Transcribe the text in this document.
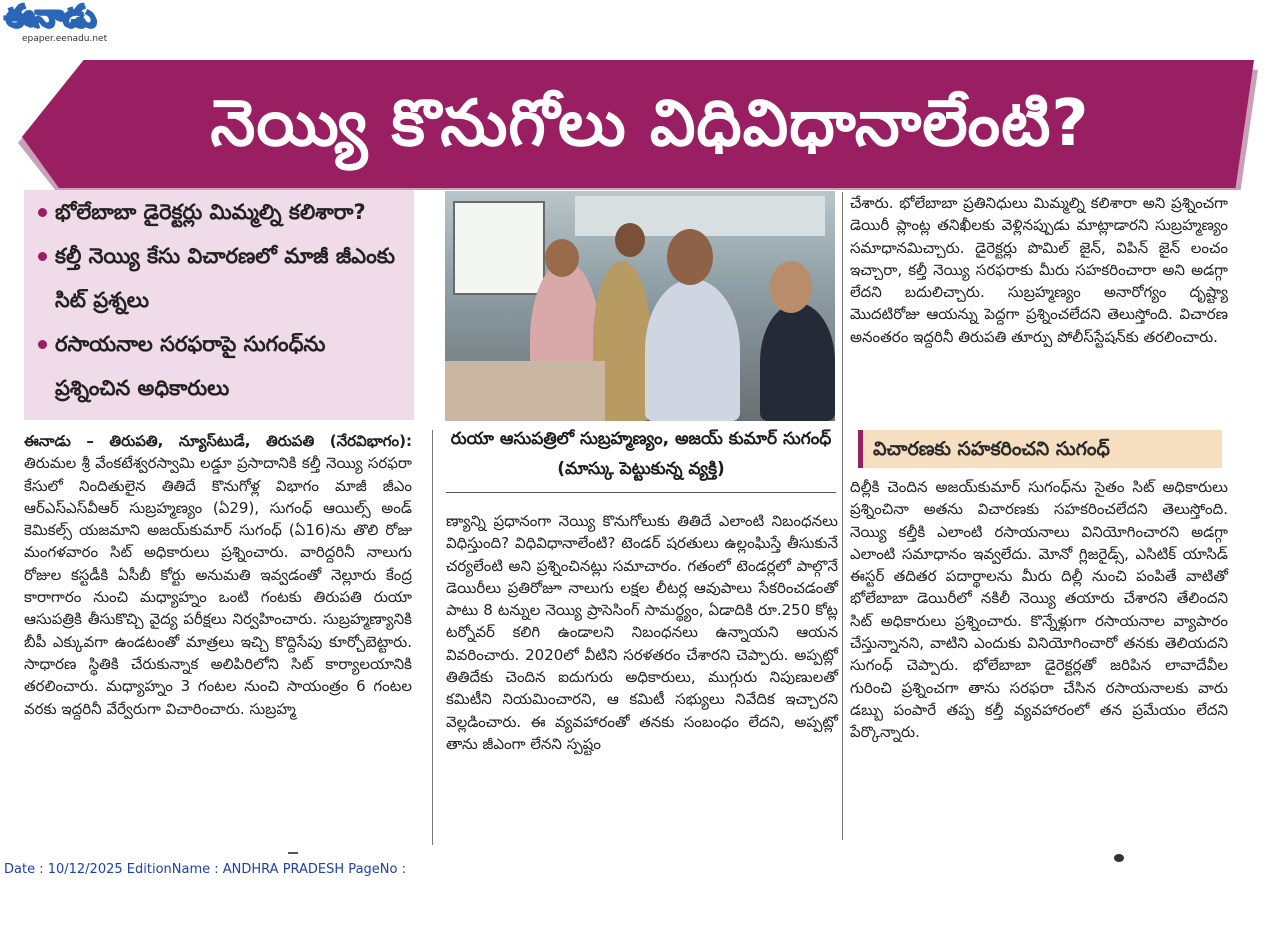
ఈనాడు
epaper.eenadu.net
నెయ్యి కొనుగోలు విధివిధానాలేంటి?
భోలేబాబా డైరెక్టర్లు మిమ్మల్ని కలిశారా?
కల్తీ నెయ్యి కేసు విచారణలో మాజీ జీఎంకు సిట్ ప్రశ్నలు
రసాయనాల సరఫరాపై సుగంధ్‌ను ప్రశ్నించిన అధికారులు
రుయా ఆసుపత్రిలో సుబ్రహ్మణ్యం, అజయ్ కుమార్ సుగంధ్ (మాస్కు పెట్టుకున్న వ్యక్తి)

ఈనాడు – తిరుపతి, న్యూస్‌టుడే, తిరుపతి (నేరవిభాగం): తిరుమల శ్రీ వేంకటేశ్వరస్వామి లడ్డూ ప్రసాదానికి కల్తీ నెయ్యి సరఫరా కేసులో నిందితులైన తితిదే కొనుగోళ్ల విభాగం మాజీ జీఎం ఆర్‌ఎస్‌ఎస్‌వీఆర్ సుబ్రహ్మణ్యం (ఏ29), సుగంధ్ ఆయిల్స్ అండ్ కెమికల్స్ యజమాని అజయ్‌కుమార్ సుగంధ్ (ఏ16)ను తొలి రోజు మంగళవారం సిట్ అధికారులు ప్రశ్నించారు. వారిద్దరినీ నాలుగు రోజుల కస్టడీకి ఏసీబీ కోర్టు అనుమతి ఇవ్వడంతో నెల్లూరు కేంద్ర కారాగారం నుంచి మధ్యాహ్నం ఒంటి గంటకు తిరుపతి రుయా ఆసుపత్రికి తీసుకొచ్చి వైద్య పరీక్షలు నిర్వహించారు. సుబ్రహ్మణ్యానికి బీపీ ఎక్కువగా ఉండటంతో మాత్రలు ఇచ్చి కొద్దిసేపు కూర్చోబెట్టారు. సాధారణ స్థితికి చేరుకున్నాక అలిపిరిలోని సిట్ కార్యాలయానికి తరలించారు. మధ్యాహ్నం 3 గంటల నుంచి సాయంత్రం 6 గంటల వరకు ఇద్దరినీ వేర్వేరుగా విచారించారు. సుబ్రహ్మ

ణ్యాన్ని ప్రధానంగా నెయ్యి కొనుగోలుకు తితిదే ఎలాంటి నిబంధనలు విధిస్తుంది? విధివిధానాలేంటి? టెండర్ షరతులు ఉల్లంఘిస్తే తీసుకునే చర్యలేంటి అని ప్రశ్నించినట్లు సమాచారం. గతంలో టెండర్లలో పాల్గొనే డెయిరీలు ప్రతిరోజూ నాలుగు లక్షల లీటర్ల ఆవుపాలు సేకరించడంతో పాటు 8 టన్నుల నెయ్యి ప్రాసెసింగ్ సామర్థ్యం, ఏడాదికి రూ.250 కోట్ల టర్నోవర్ కలిగి ఉండాలని నిబంధనలు ఉన్నాయని ఆయన వివరించారు. 2020లో వీటిని సరళతరం చేశారని చెప్పారు. అప్పట్లో తితిదేకు చెందిన ఐదుగురు అధికారులు, ముగ్గురు నిపుణులతో కమిటీని నియమించారని, ఆ కమిటీ సభ్యులు నివేదిక ఇచ్చారని వెల్లడించారు. ఈ వ్యవహారంతో తనకు సంబంధం లేదని, అప్పట్లో తాను జీఎంగా లేనని స్పష్టం

చేశారు. భోలేబాబా ప్రతినిధులు మిమ్మల్ని కలిశారా అని ప్రశ్నించగా డెయిరీ ప్లాంట్ల తనిఖీలకు వెళ్లినప్పుడు మాట్లాడారని సుబ్రహ్మణ్యం సమాధానమిచ్చారు. డైరెక్టర్లు పొమిల్ జైన్, విపిన్ జైన్ లంచం ఇచ్చారా, కల్తీ నెయ్యి సరఫరాకు మీరు సహకరించారా అని అడగ్గా లేదని బదులిచ్చారు. సుబ్రహ్మణ్యం అనారోగ్యం దృష్ట్యా మొదటిరోజు ఆయన్ను పెద్దగా ప్రశ్నించలేదని తెలుస్తోంది. విచారణ అనంతరం ఇద్దరినీ తిరుపతి తూర్పు పోలీస్‌స్టేషన్‌కు తరలించారు.

విచారణకు సహకరించని సుగంధ్

దిల్లీకి చెందిన అజయ్‌కుమార్ సుగంధ్‌ను సైతం సిట్ అధికారులు ప్రశ్నించినా అతను విచారణకు సహకరించలేదని తెలుస్తోంది. నెయ్యి కల్తీకి ఎలాంటి రసాయనాలు వినియోగించారని అడగ్గా ఎలాంటి సమాధానం ఇవ్వలేదు. మోనో గ్లిజరైడ్స్, ఎసిటిక్ యాసిడ్ ఈస్టర్ తదితర పదార్థాలను మీరు దిల్లీ నుంచి పంపితే వాటితో భోలేబాబా డెయిరీలో నకిలీ నెయ్యి తయారు చేశారని తేలిందని సిట్ అధికారులు ప్రశ్నించారు. కొన్నేళ్లుగా రసాయనాల వ్యాపారం చేస్తున్నానని, వాటిని ఎందుకు వినియోగించారో తనకు తెలియదని సుగంధ్ చెప్పారు. భోలేబాబా డైరెక్టర్లతో జరిపిన లావాదేవీల గురించి ప్రశ్నించగా తాను సరఫరా చేసిన రసాయనాలకు వారు డబ్బు పంపారే తప్ప కల్తీ వ్యవహారంలో తన ప్రమేయం లేదని పేర్కొన్నారు.

Date : 10/12/2025 EditionName : ANDHRA PRADESH PageNo :
